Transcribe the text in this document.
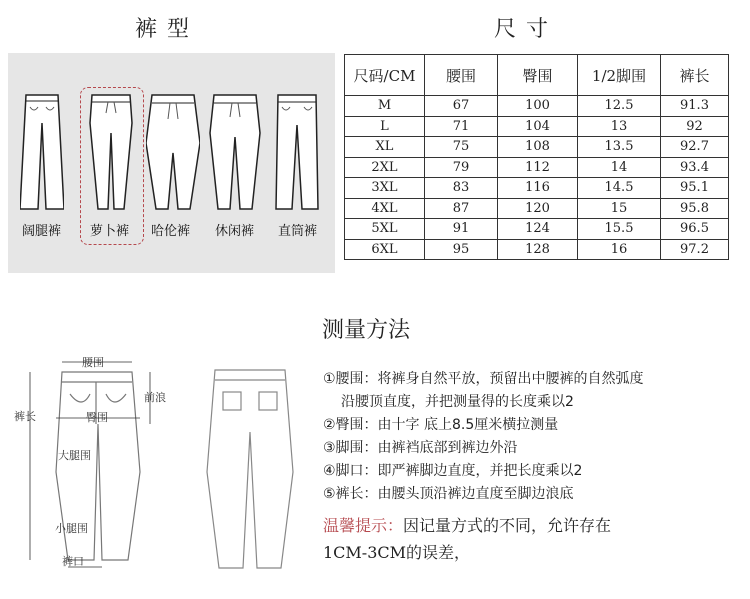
裤型	尺寸
阔腿裤 萝卜裤 哈伦裤 休闲裤 直筒裤
尺码/CM	腰围	臀围	1/2脚围	裤长
M	67	100	12.5	91.3
L	71	104	13	92
XL	75	108	13.5	92.7
2XL	79	112	14	93.4
3XL	83	116	14.5	95.1
4XL	87	120	15	95.8
5XL	91	124	15.5	96.5
6XL	95	128	16	97.2
测量方法
腰围
裤长	臀围
前浪
大腿围
小腿围
裤口
①腰围：将裤身自然平放，预留出中腰裤的自然弧度
沿腰顶直度，并把测量得的长度乘以2
②臀围：由十字 底上8.5厘米横拉测量
③脚围：由裤裆底部到裤边外沿
④脚口：即严裤脚边直度，并把长度乘以2
⑤裤长：由腰头顶沿裤边直度至脚边浪底
温馨提示：因记量方式的不同，允许存在
1CM-3CM的误差，
